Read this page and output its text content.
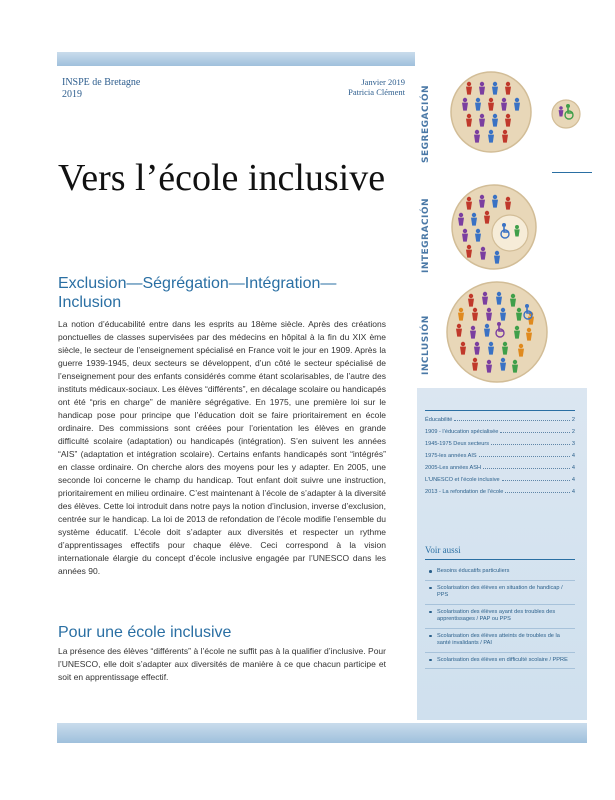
INSPE de Bretagne
2019
Janvier 2019
Patricia Clément
Vers l’école inclusive
Exclusion—Ségrégation—Intégration—Inclusion

La notion d’éducabilité entre dans les esprits au 18ème siècle. Après des créations ponctuelles de classes supervisées par des médecins en hôpital à la fin du XIX ème siècle, le secteur de l’enseignement spécialisé en France voit le jour en 1909. Après la guerre 1939-1945, deux secteurs se développent, d’un côté le secteur spécialisé de l’enseignement pour des enfants considérés comme étant scolarisables, de l’autre des instituts médicaux-sociaux. Les élèves “différents”, en décalage scolaire ou handicapés ont été “pris en charge” de manière ségrégative. En 1975, une première loi sur le handicap pose pour principe que l’éducation doit se faire prioritairement en école ordinaire. Des commissions sont créées pour l’orientation les élèves en grande difficulté scolaire (adaptation) ou handicapés (intégration). S’en suivent les années “AIS” (adaptation et intégration scolaire). Certains enfants handicapés sont “intégrés” en classe ordinaire. On cherche alors des moyens pour les y adapter. En 2005, une seconde loi concerne le champ du handicap. Tout enfant doit suivre une instruction, prioritairement en milieu ordinaire. C’est maintenant à l’école de s’adapter à la diversité des élèves. Cette loi introduit dans notre pays la notion d’inclusion, inverse d’exclusion, centrée sur le handicap. La loi de 2013 de refondation de l’école modifie l’ensemble du système éducatif. L’école doit s’adapter aux diversités et respecter un rythme d’apprentissages effectifs pour chaque élève. Ceci correspond à la vision internationale élargie du concept d’école inclusive engagée par l’UNESCO dans les années 90.

Pour une école inclusive

La présence des élèves “différents” à l’école ne suffit pas à la qualifier d’inclusive. Pour l’UNESCO, elle doit s’adapter aux diversités de manière à ce que chacun participe et soit en apprentissage effectif.

SEGREGACIÓN
INTEGRACIÓN
INCLUSIÓN
Éducabilité	2
1909 - l’éducation spécialisée	2
1945-1975 Deux secteurs	3
1975-les années AIS	4
2005-Les années ASH	4
L’UNESCO et l’école inclusive	4
2013 - La refondation de l’école	4
Voir aussi
Besoins éducatifs particuliers
Scolarisation des élèves en situation de handicap / PPS
Scolarisation des élèves ayant des troubles des apprentissages / PAP ou PPS
Scolarisation des élèves atteints de troubles de la santé invalidants / PAI
Scolarisation des élèves en difficulté scolaire / PPRE
